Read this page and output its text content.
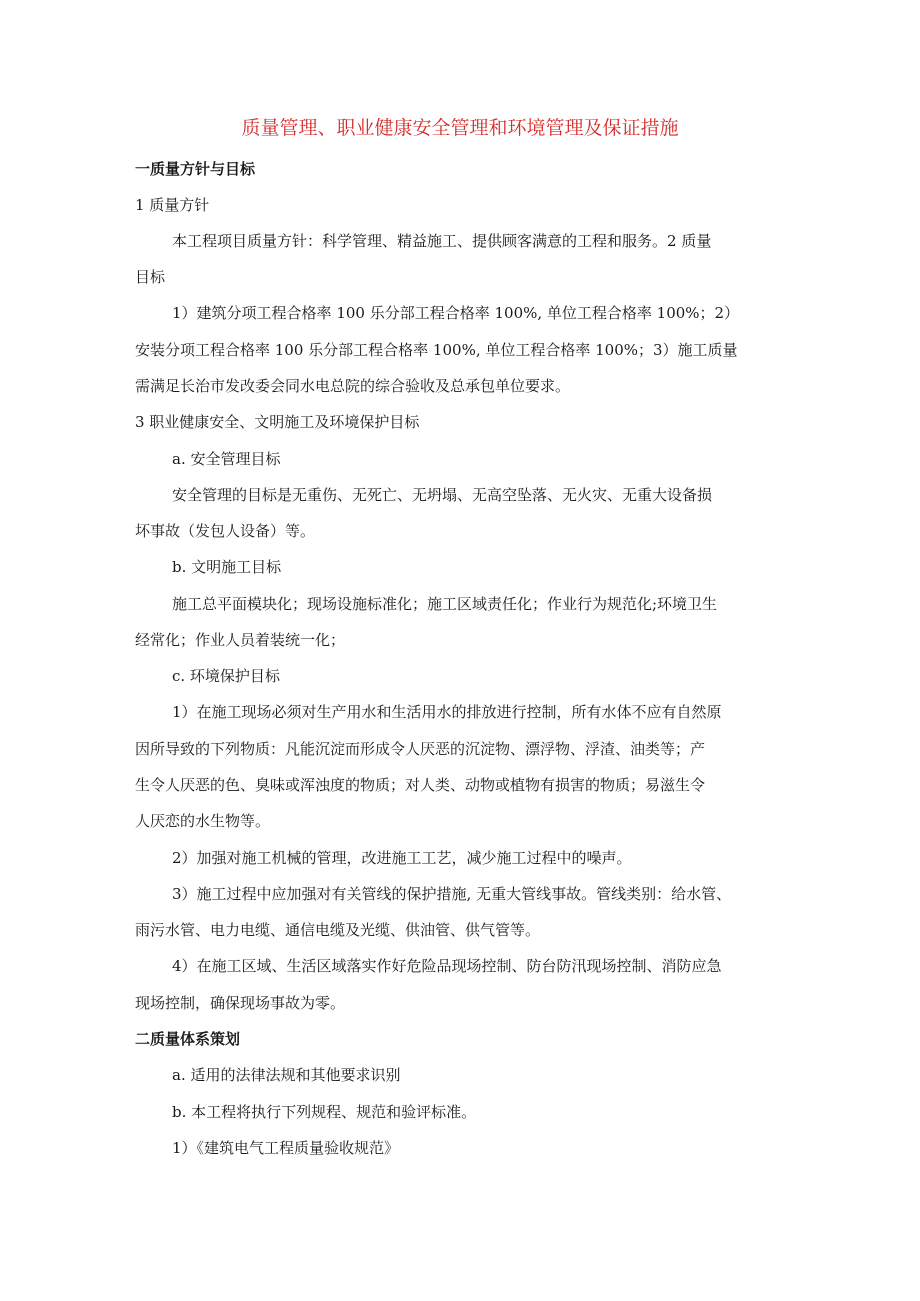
质量管理、职业健康安全管理和环境管理及保证措施

一质量方针与目标

1 质量方针

本工程项目质量方针：科学管理、精益施工、提供顾客满意的工程和服务。2 质量

目标

1）建筑分项工程合格率 100 乐分部工程合格率 100%, 单位工程合格率 100%；2）

安装分项工程合格率 100 乐分部工程合格率 100%, 单位工程合格率 100%；3）施工质量

需满足长治市发改委会同水电总院的综合验收及总承包单位要求。

3 职业健康安全、文明施工及环境保护目标

a. 安全管理目标

安全管理的目标是无重伤、无死亡、无坍塌、无高空坠落、无火灾、无重大设备损

坏事故（发包人设备）等。

b. 文明施工目标

施工总平面模块化；现场设施标准化；施工区域责任化；作业行为规范化;环境卫生

经常化；作业人员着装统一化；

c. 环境保护目标

1）在施工现场必须对生产用水和生活用水的排放进行控制，所有水体不应有自然原

因所导致的下列物质：凡能沉淀而形成令人厌恶的沉淀物、漂浮物、浮渣、油类等；产

生令人厌恶的色、臭味或浑浊度的物质；对人类、动物或植物有损害的物质；易滋生令

人厌恋的水生物等。

2）加强对施工机械的管理，改进施工工艺，减少施工过程中的噪声。

3）施工过程中应加强对有关管线的保护措施, 无重大管线事故。管线类别：给水管、

雨污水管、电力电缆、通信电缆及光缆、供油管、供气管等。

4）在施工区域、生活区域落实作好危险品现场控制、防台防汛现场控制、消防应急

现场控制，确保现场事故为零。

二质量体系策划

a. 适用的法律法规和其他要求识别

b. 本工程将执行下列规程、规范和验评标准。

1）《建筑电气工程质量验收规范》
